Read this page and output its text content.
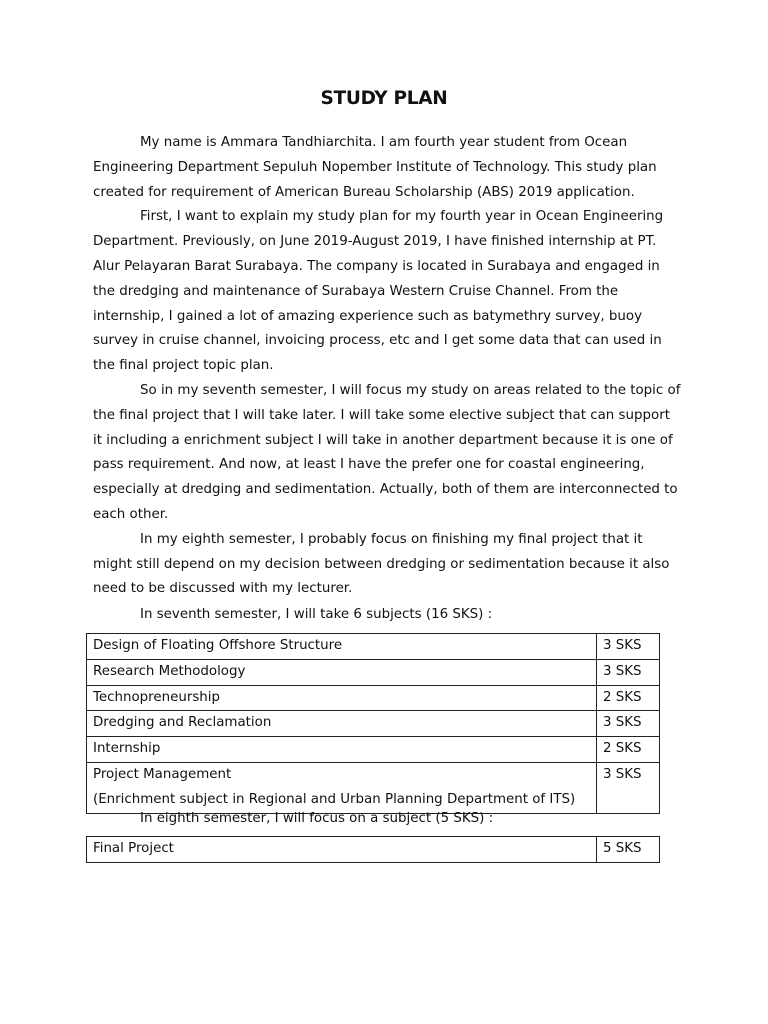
STUDY PLAN

My name is Ammara Tandhiarchita. I am fourth year student from Ocean Engineering Department Sepuluh Nopember Institute of Technology. This study plan created for requirement of American Bureau Scholarship (ABS) 2019 application.

First, I want to explain my study plan for my fourth year in Ocean Engineering Department. Previously, on June 2019-August 2019, I have finished internship at PT. Alur Pelayaran Barat Surabaya. The company is located in Surabaya and engaged in the dredging and maintenance of Surabaya Western Cruise Channel. From the internship, I gained a lot of amazing experience such as batymethry survey, buoy survey in cruise channel, invoicing process, etc and I get some data that can used in the final project topic plan.

So in my seventh semester, I will focus my study on areas related to the topic of the final project that I will take later. I will take some elective subject that can support it including a enrichment subject I will take in another department because it is one of pass requirement. And now, at least I have the prefer one for coastal engineering, especially at dredging and sedimentation. Actually, both of them are interconnected to each other.

In my eighth semester, I probably focus on finishing my final project that it might still depend on my decision between dredging or sedimentation because it also need to be discussed with my lecturer.

In seventh semester, I will take 6 subjects (16 SKS) :
Design of Floating Offshore Structure	3 SKS
Research Methodology	3 SKS
Technopreneurship	2 SKS
Dredging and Reclamation	3 SKS
Internship	2 SKS

Project Management
(Enrichment subject in Regional and Urban Planning Department of ITS)	3 SKS
In eighth semester, I will focus on a subject (5 SKS) :
Final Project	5 SKS
